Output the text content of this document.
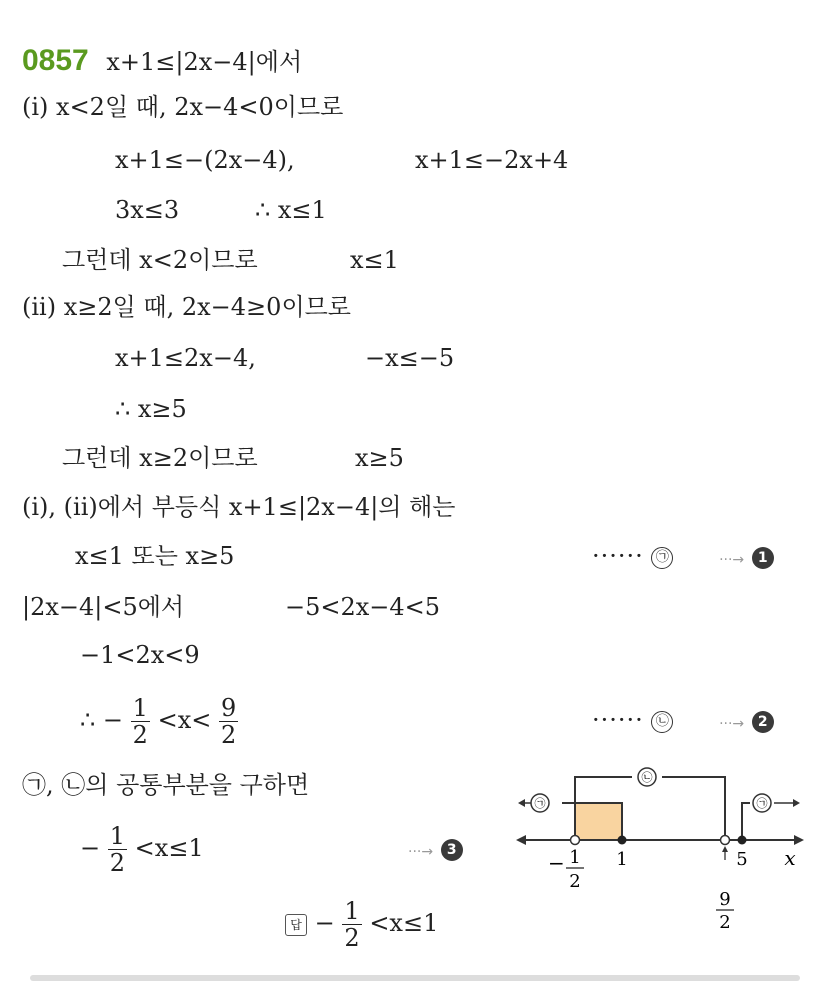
0857 x+1≤|2x−4|에서
(i) x<2일 때, 2x−4<0이므로
x+1≤−(2x−4),	x+1≤−2x+4
3x≤3	∴ x≤1
그런데 x<2이므로	x≤1
(ii) x≥2일 때, 2x−4≥0이므로
x+1≤2x−4,	−x≤−5
∴ x≥5
그런데 x≥2이므로	x≥5
(i), (ii)에서 부등식 x+1≤|2x−4|의 해는
x≤1 또는 x≥5	······ ㉠	···→ 1
|2x−4|<5에서	−5<2x−4<5
−1<2x<9
∴ − $\frac{1}{2} <x< \frac{9}{2}$	······ ㉡	···→ 2
㉠, ㉡의 공통부분을 구하면
− $\frac{1}{2} <x\le 1$	···→ 3
답 − $\frac{1}{2} <x\le 1$
㉠
㉡
㉠
− 1
2
1
9
2
5 x
